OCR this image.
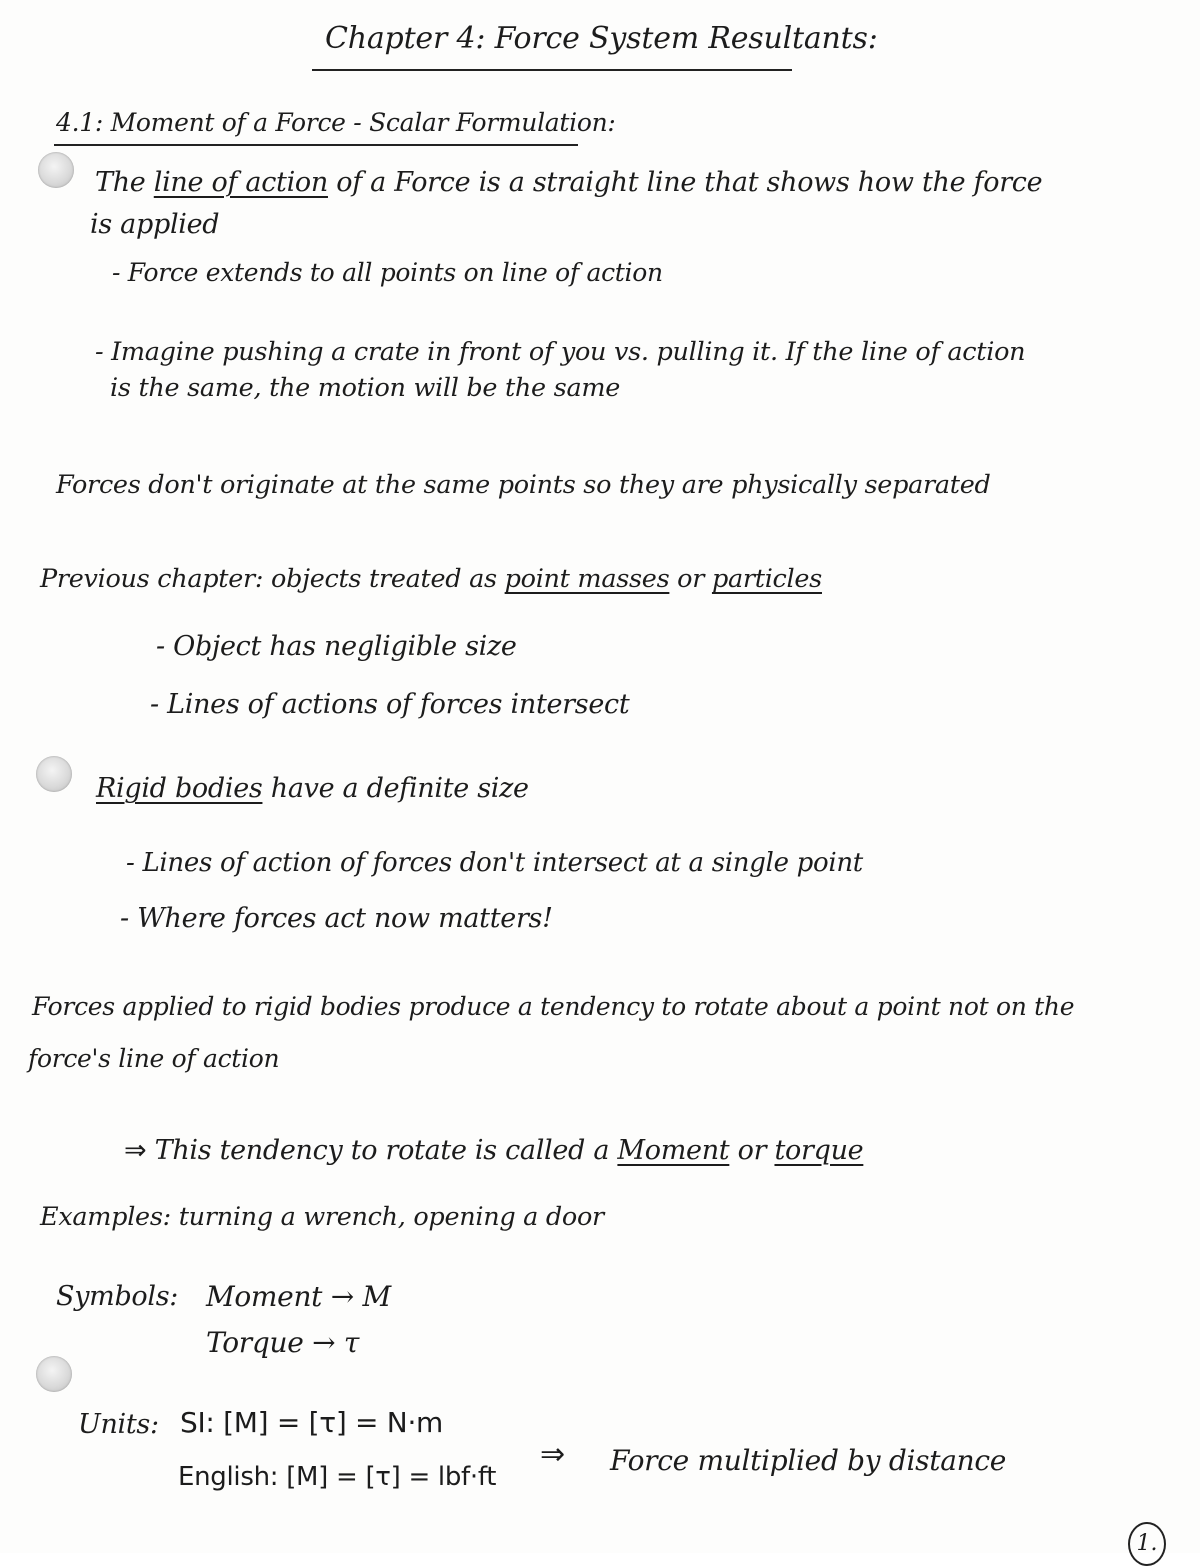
Chapter 4: Force System Resultants:
4.1: Moment of a Force - Scalar Formulation:
The line of action of a Force is a straight line that shows how the force
is applied
- Force extends to all points on line of action
- Imagine pushing a crate in front of you vs. pulling it. If the line of action
is the same, the motion will be the same
Forces don't originate at the same points so they are physically separated
Previous chapter: objects treated as point masses or particles
- Object has negligible size
- Lines of actions of forces intersect
Rigid bodies have a definite size
- Lines of action of forces don't intersect at a single point
- Where forces act now matters!
Forces applied to rigid bodies produce a tendency to rotate about a point not on the
force's line of action
⇒ This tendency to rotate is called a Moment or torque
Examples: turning a wrench, opening a door
Symbols: Moment → M
Torque → τ
Units: SI: [M] = [τ] = N·m
English: [M] = [τ] = lbf·ft
⇒ Force multiplied by distance
1.
